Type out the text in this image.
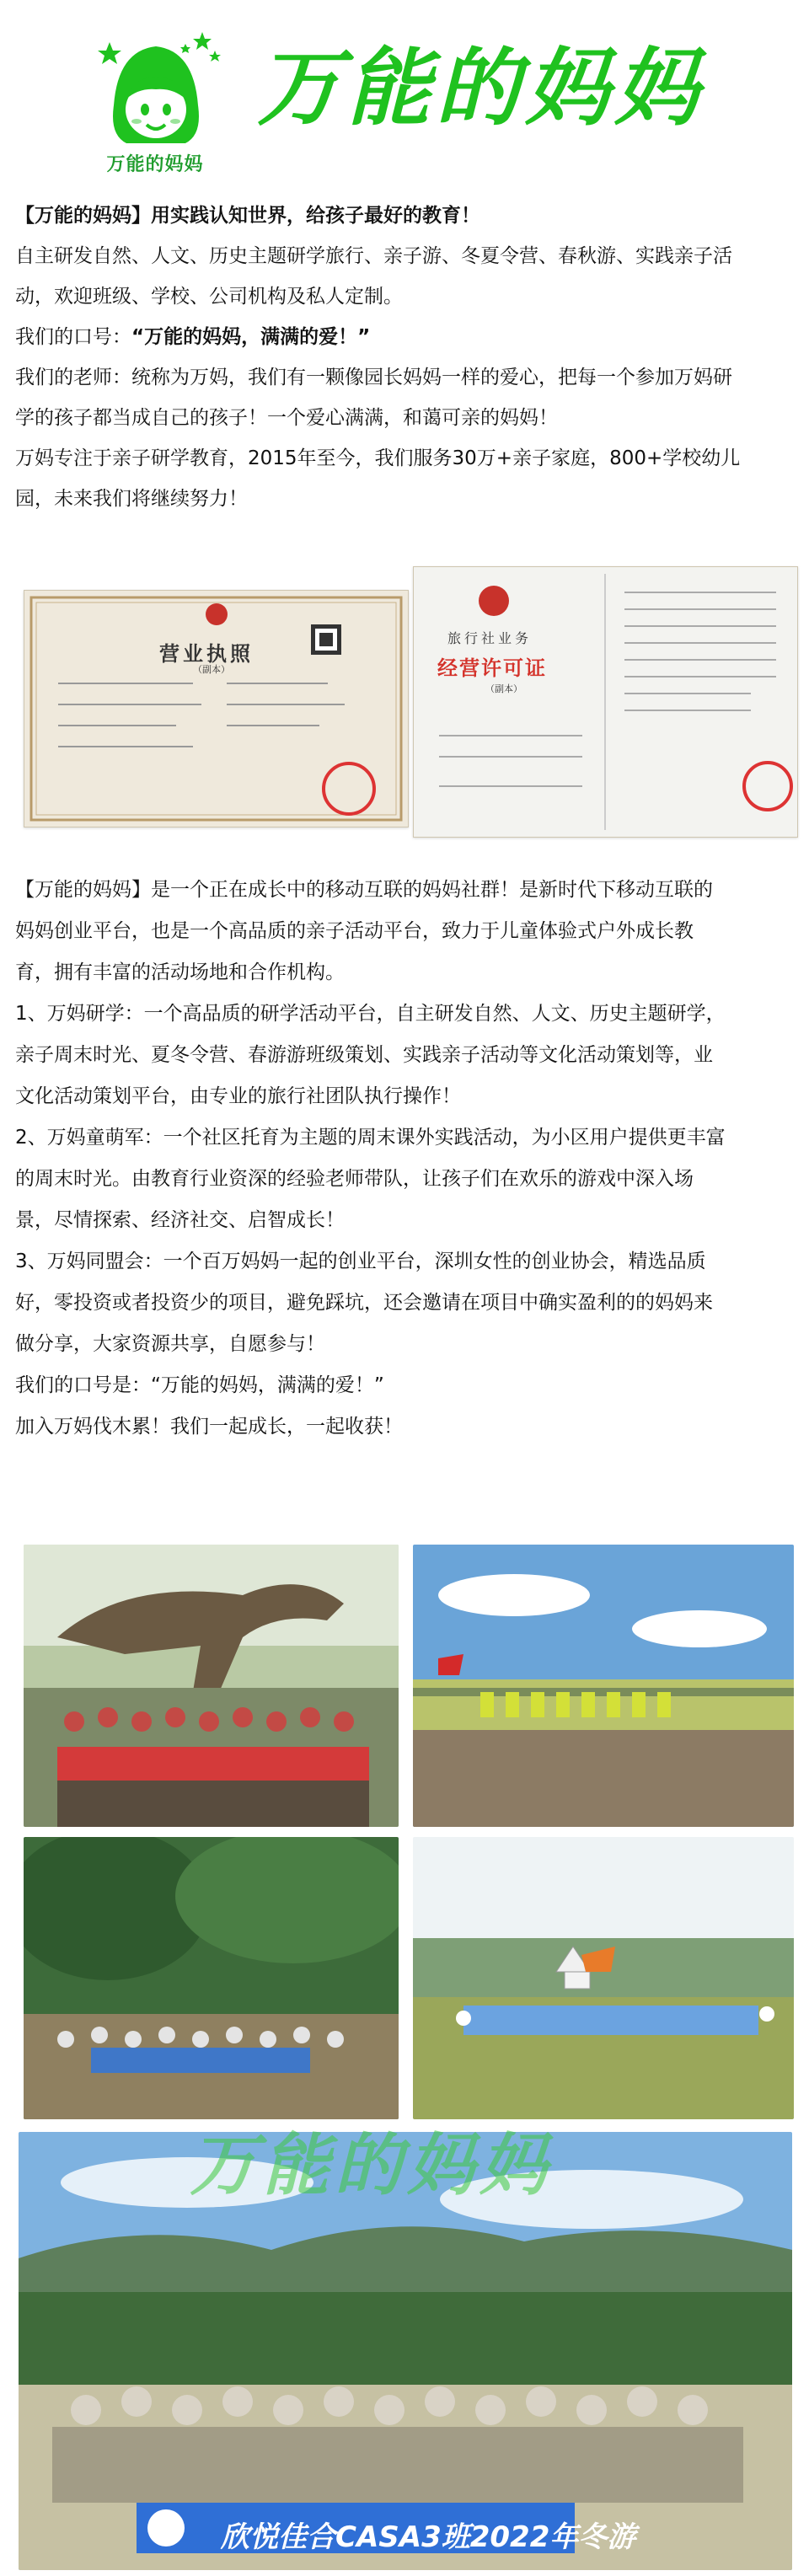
万能的妈妈
万能的妈妈

【万能的妈妈】用实践认知世界，给孩子最好的教育！

自主研发自然、人文、历史主题研学旅行、亲子游、冬夏令营、春秋游、实践亲子活

动，欢迎班级、学校、公司机构及私人定制。

我们的口号：“万能的妈妈，满满的爱！”

我们的老师：统称为万妈，我们有一颗像园长妈妈一样的爱心，把每一个参加万妈研

学的孩子都当成自己的孩子！一个爱心满满，和蔼可亲的妈妈！

万妈专注于亲子研学教育，2015年至今，我们服务30万+亲子家庭，800+学校幼儿

园，未来我们将继续努力！

营业执照
（副本）
旅行社业务
经营许可证
（副本）

【万能的妈妈】是一个正在成长中的移动互联的妈妈社群！是新时代下移动互联的

妈妈创业平台，也是一个高品质的亲子活动平台，致力于儿童体验式户外成长教

育，拥有丰富的活动场地和合作机构。

1、万妈研学：一个高品质的研学活动平台，自主研发自然、人文、历史主题研学，

亲子周末时光、夏冬令营、春游游班级策划、实践亲子活动等文化活动策划等，业

文化活动策划平台，由专业的旅行社团队执行操作！

2、万妈童萌军：一个社区托育为主题的周末课外实践活动，为小区用户提供更丰富

的周末时光。由教育行业资深的经验老师带队，让孩子们在欢乐的游戏中深入场

景，尽情探索、经济社交、启智成长！

3、万妈同盟会：一个百万妈妈一起的创业平台，深圳女性的创业协会，精选品质

好，零投资或者投资少的项目，避免踩坑，还会邀请在项目中确实盈利的的妈妈来

做分享，大家资源共享，自愿参与！

我们的口号是：“万能的妈妈，满满的爱！”

加入万妈伐木累！我们一起成长，一起收获！

欣悦佳合CASA3班2022年冬游
万能的妈妈
